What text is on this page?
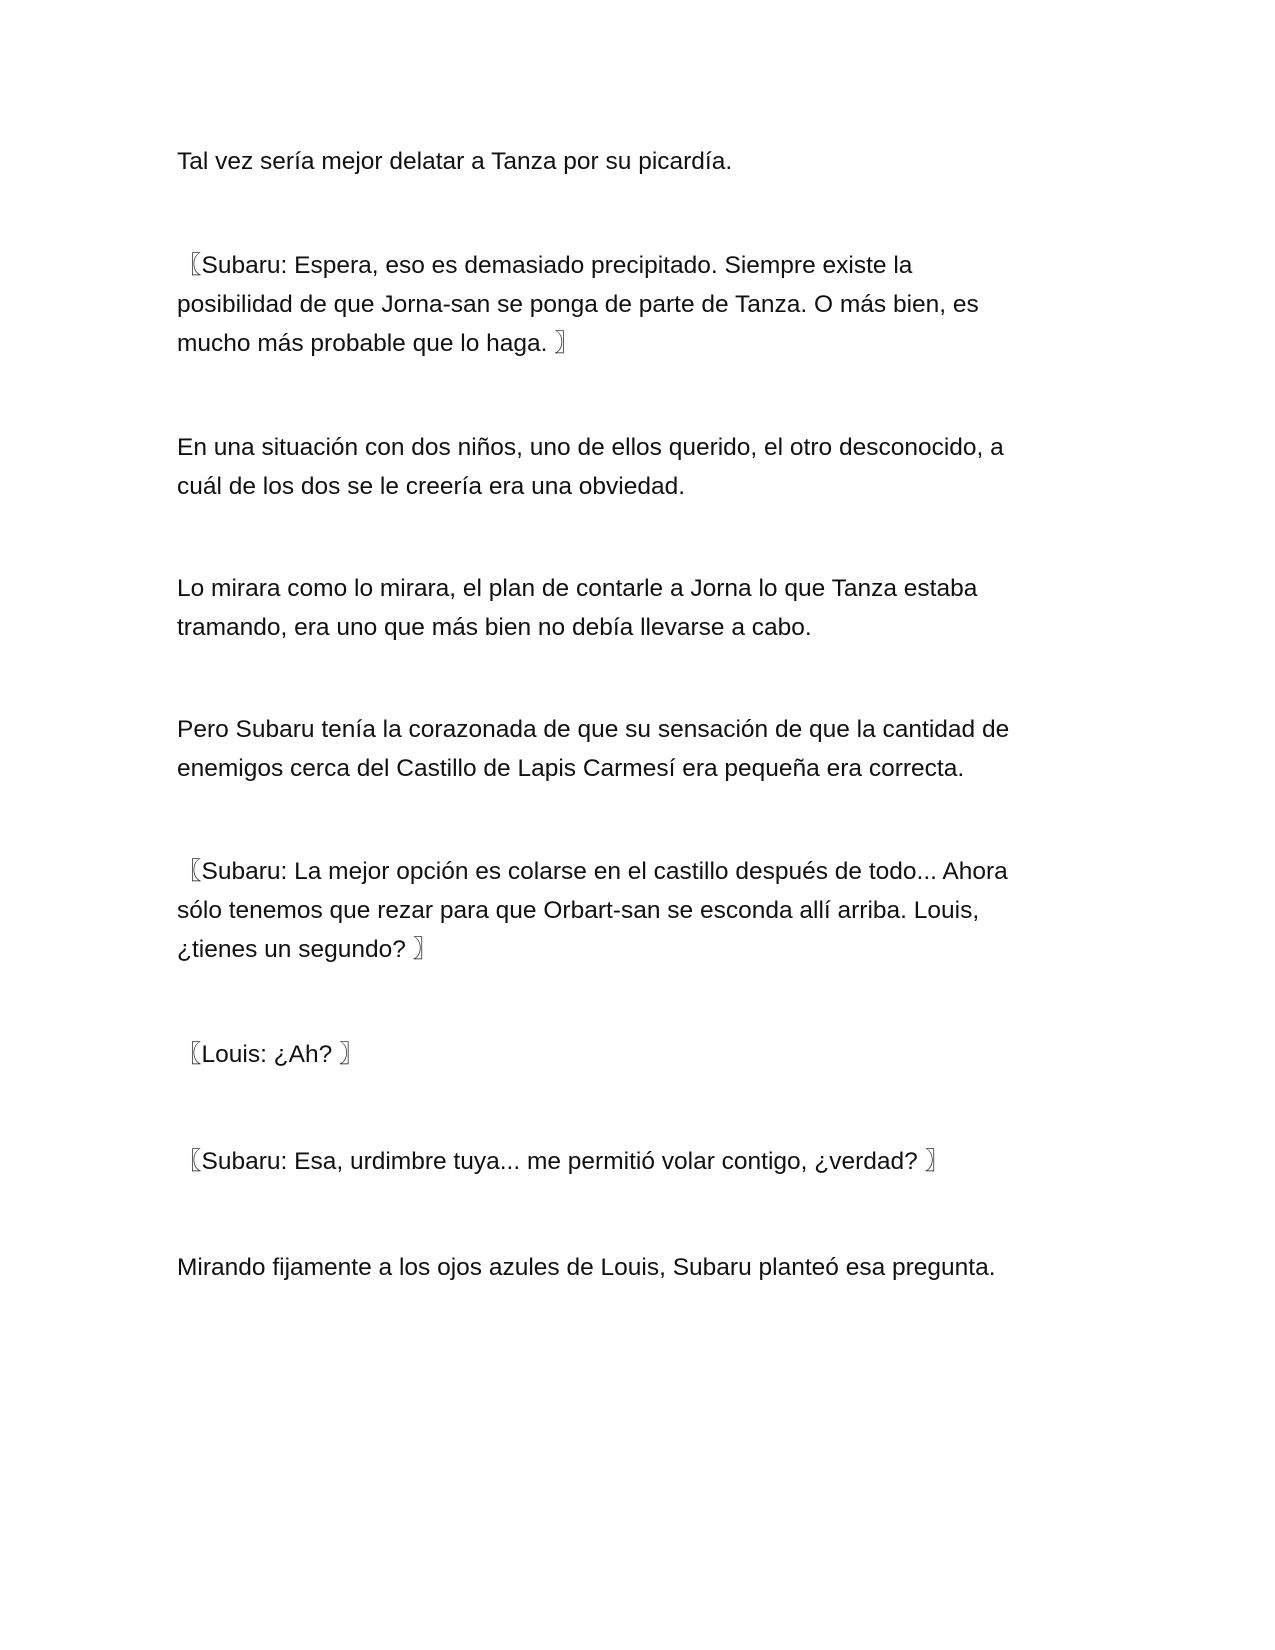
Tal vez sería mejor delatar a Tanza por su picardía.

〖Subaru: Espera, eso es demasiado precipitado. Siempre existe la
posibilidad de que Jorna-san se ponga de parte de Tanza. O más bien, es
mucho más probable que lo haga. 〗

En una situación con dos niños, uno de ellos querido, el otro desconocido, a
cuál de los dos se le creería era una obviedad.

Lo mirara como lo mirara, el plan de contarle a Jorna lo que Tanza estaba
tramando, era uno que más bien no debía llevarse a cabo.

Pero Subaru tenía la corazonada de que su sensación de que la cantidad de
enemigos cerca del Castillo de Lapis Carmesí era pequeña era correcta.

〖Subaru: La mejor opción es colarse en el castillo después de todo... Ahora
sólo tenemos que rezar para que Orbart-san se esconda allí arriba. Louis,
¿tienes un segundo? 〗

〖Louis: ¿Ah? 〗

〖Subaru: Esa, urdimbre tuya... me permitió volar contigo, ¿verdad? 〗

Mirando fijamente a los ojos azules de Louis, Subaru planteó esa pregunta.
